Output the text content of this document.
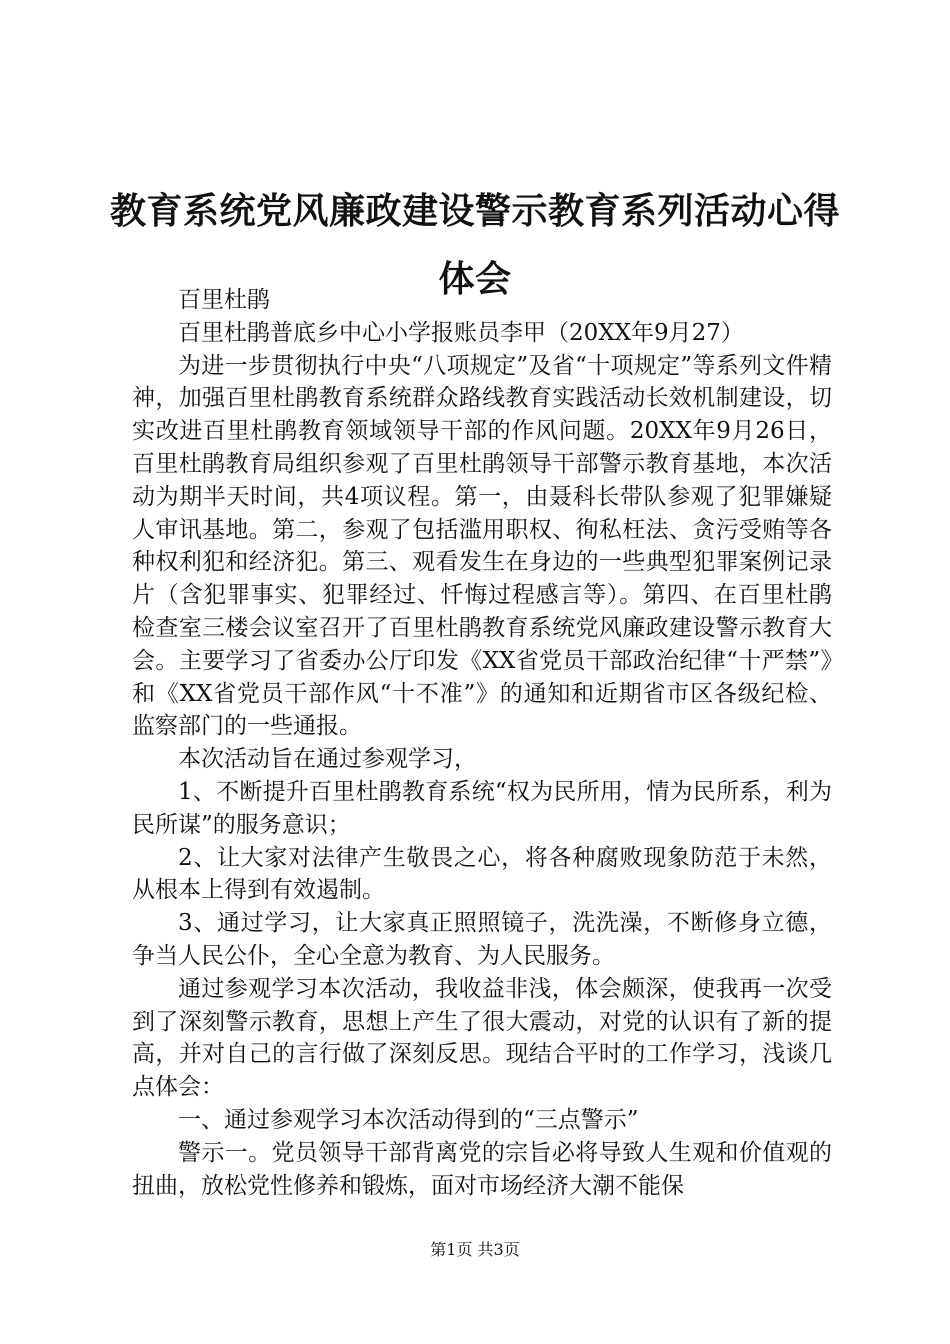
教育系统党风廉政建设警示教育系列活动心得体会

百里杜鹃

百里杜鹃普底乡中心小学报账员李甲（20XX年9月27）

为进一步贯彻执行中央“八项规定”及省“十项规定”等系列文件精神，加强百里杜鹃教育系统群众路线教育实践活动长效机制建设，切实改进百里杜鹃教育领域领导干部的作风问题。20XX年9月26日，百里杜鹃教育局组织参观了百里杜鹃领导干部警示教育基地，本次活动为期半天时间，共4项议程。第一，由聂科长带队参观了犯罪嫌疑人审讯基地。第二，参观了包括滥用职权、徇私枉法、贪污受贿等各种权利犯和经济犯。第三、观看发生在身边的一些典型犯罪案例记录片（含犯罪事实、犯罪经过、忏悔过程感言等）。第四、在百里杜鹃检查室三楼会议室召开了百里杜鹃教育系统党风廉政建设警示教育大会。主要学习了省委办公厅印发《XX省党员干部政治纪律“十严禁”》和《XX省党员干部作风“十不准”》的通知和近期省市区各级纪检、监察部门的一些通报。

本次活动旨在通过参观学习，

1、不断提升百里杜鹃教育系统“权为民所用，情为民所系，利为民所谋”的服务意识；

2、让大家对法律产生敬畏之心，将各种腐败现象防范于未然，从根本上得到有效遏制。

3、通过学习，让大家真正照照镜子，洗洗澡，不断修身立德，争当人民公仆，全心全意为教育、为人民服务。

通过参观学习本次活动，我收益非浅，体会颇深，使我再一次受到了深刻警示教育，思想上产生了很大震动，对党的认识有了新的提高，并对自己的言行做了深刻反思。现结合平时的工作学习，浅谈几点体会：

一、通过参观学习本次活动得到的“三点警示”

警示一。党员领导干部背离党的宗旨必将导致人生观和价值观的扭曲，放松党性修养和锻炼，面对市场经济大潮不能保

第1页 共3页
